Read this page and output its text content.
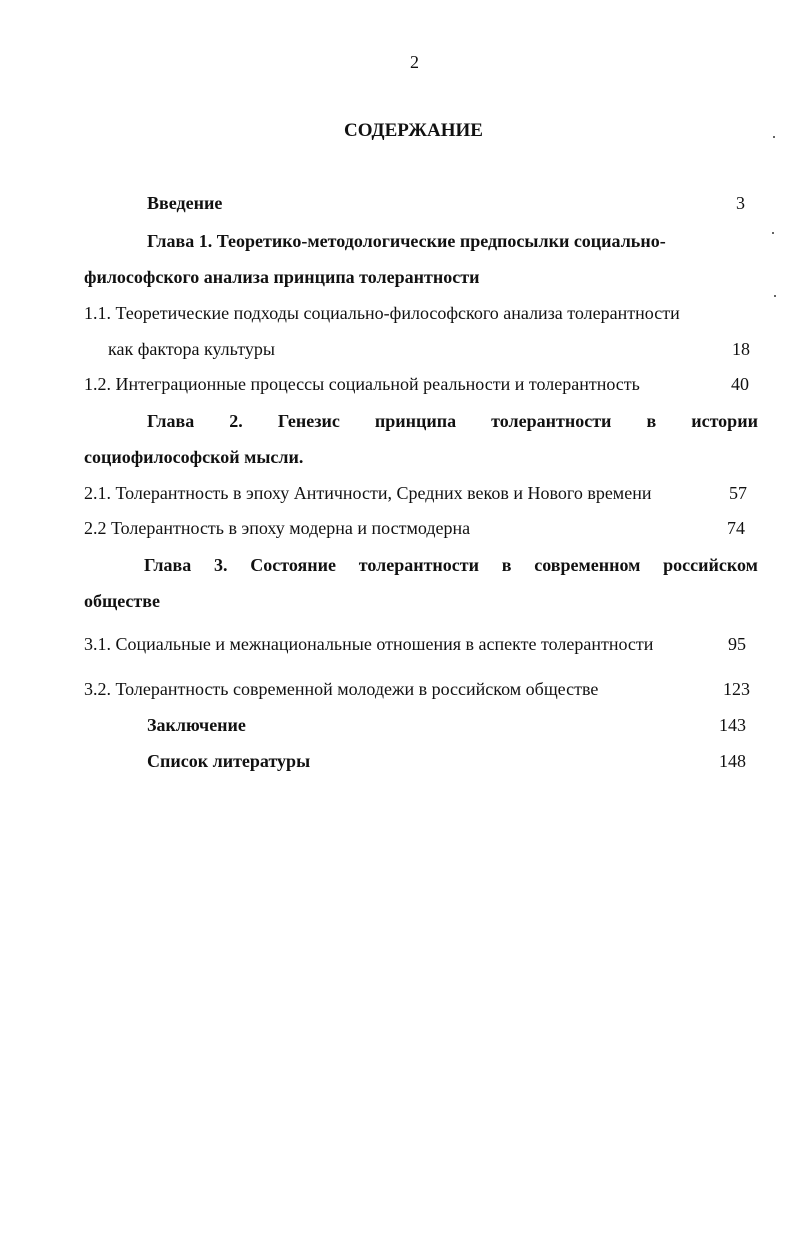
2
СОДЕРЖАНИЕ
Введение	3
Глава 1. Теоретико-методологические предпосылки социально-
философского анализа принципа толерантности
1.1. Теоретические подходы социально-философского анализа толерантности
как фактора культуры	18
1.2. Интеграционные процессы социальной реальности и толерантность	40
Глава 2. Генезис принципа толерантности в истории
социофилософской мысли.
2.1. Толерантность в эпоху Античности, Средних веков и Нового времени	57
2.2 Толерантность в эпоху модерна и постмодерна	74
Глава 3. Состояние толерантности в современном российском
обществе
3.1. Социальные и межнациональные отношения в аспекте толерантности	95
3.2. Толерантность современной молодежи в российском обществе	123
Заключение	143
Список литературы	148
